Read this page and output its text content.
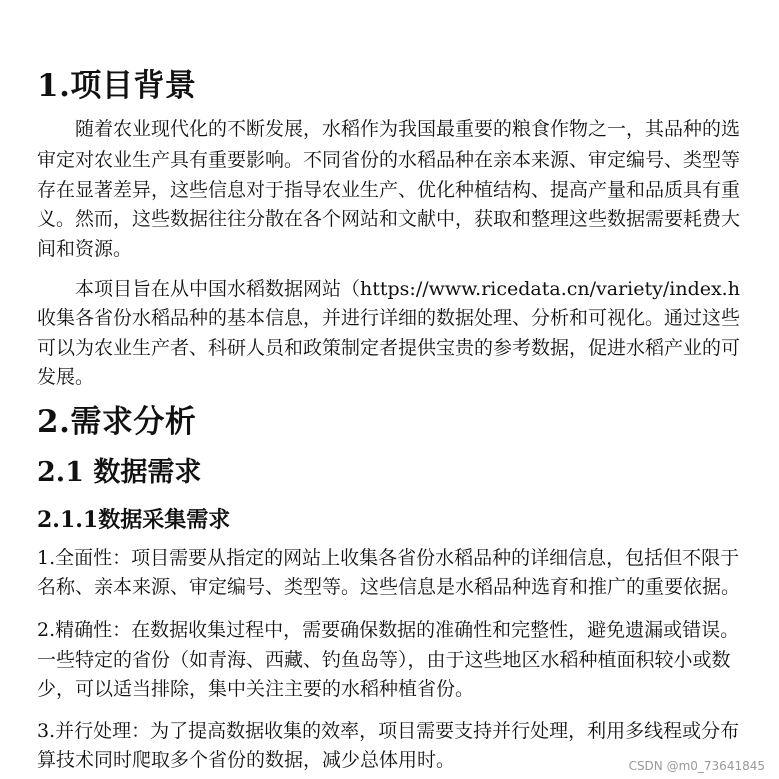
1.项目背景
随着农业现代化的不断发展，水稻作为我国最重要的粮食作物之一，其品种的选
审定对农业生产具有重要影响。不同省份的水稻品种在亲本来源、审定编号、类型等
存在显著差异，这些信息对于指导农业生产、优化种植结构、提高产量和品质具有重
义。然而，这些数据往往分散在各个网站和文献中，获取和整理这些数据需要耗费大
间和资源。
本项目旨在从中国水稻数据网站（https://www.ricedata.cn/variety/index.h
收集各省份水稻品种的基本信息，并进行详细的数据处理、分析和可视化。通过这些
可以为农业生产者、科研人员和政策制定者提供宝贵的参考数据，促进水稻产业的可
发展。
2.需求分析
2.1 数据需求
2.1.1数据采集需求
1.全面性：项目需要从指定的网站上收集各省份水稻品种的详细信息，包括但不限于
名称、亲本来源、审定编号、类型等。这些信息是水稻品种选育和推广的重要依据。
2.精确性：在数据收集过程中，需要确保数据的准确性和完整性，避免遗漏或错误。
一些特定的省份（如青海、西藏、钓鱼岛等），由于这些地区水稻种植面积较小或数
少，可以适当排除，集中关注主要的水稻种植省份。
3.并行处理：为了提高数据收集的效率，项目需要支持并行处理，利用多线程或分布
算技术同时爬取多个省份的数据，减少总体用时。	CSDN @m0_73641845
